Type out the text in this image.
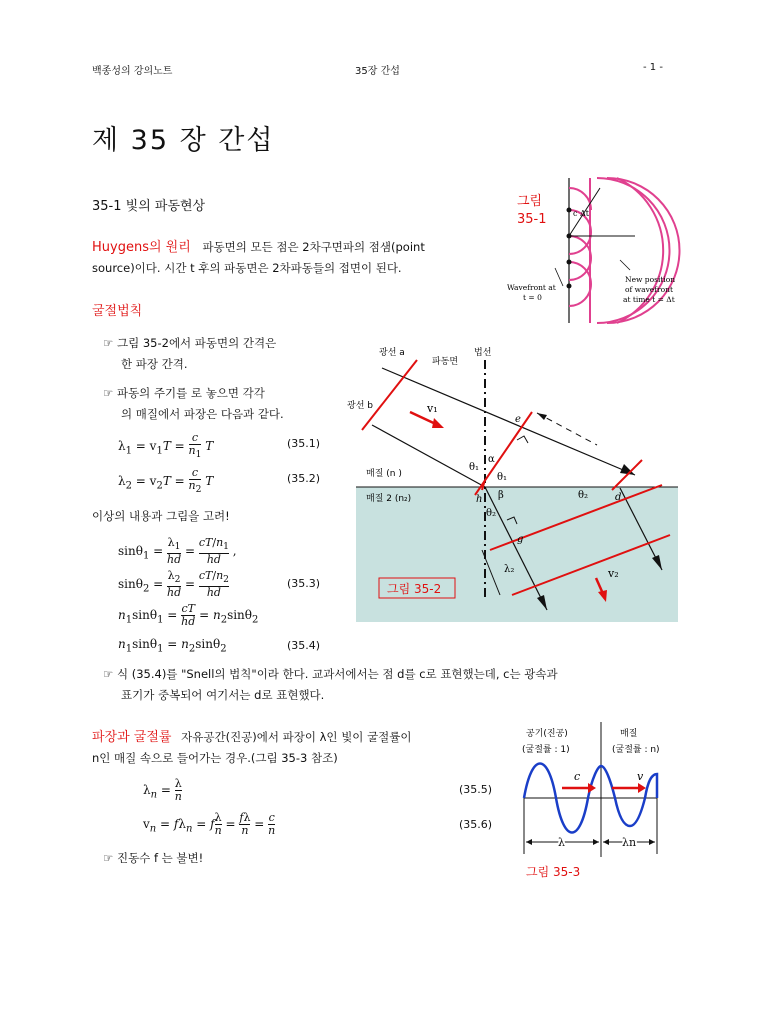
백종성의 강의노트	35장 간섭	- 1 -
제 35 장 간섭
35-1 빛의 파동현상	그림
35-1	c Δt
Wavefront at
t = 0
New position
of wavefront
at time t = Δt
Huygens의 원리 파동면의 모든 점은 2차구면파의 점샘(point
source)이다. 시간 t 후의 파동면은 2차파동들의 접면이 된다.
굴절법칙
☞ 그림 35-2에서 파동면의 간격은
한 파장 간격.
☞ 파동의 주기를 로 놓으면 각각
의 매질에서 파장은 다음과 같다.
$\lambda_1 = v_1T = \frac{c}{n_1}$ T	(35.1)
$\lambda_2 = v_2T = \frac{c}{n_2}$ T	(35.2)
이상의 내용과 그림을 고려!
$\sin\theta_1 = \frac{\lambda_1}{hd} = \frac{cT/n_1}{hd}$ ,
$\sin\theta_2 = \frac{\lambda_2}{hd} = \frac{cT/n_2}{hd}$	(35.3)
$n_1\sin\theta_1 = \frac{cT}{hd} = n_2\sin\theta_2$
$n_1\sin\theta_1 = n_2\sin\theta_2$	(35.4)
광선 a
파동면
법선
광선 b	v₁
e
α
θ₁
θ₁
매질 (n )
매질 2 (n₂)	h β	θ₂	d
θ₂
g
λ₂	v₂
그림 35-2
☞ 식 (35.4)를 "Snell의 법칙"이라 한다. 교과서에서는 점 d를 c로 표현했는데, c는 광속과
표기가 중복되어 여기서는 d로 표현했다.
파장과 굴절률 자유공간(진공)에서 파장이 λ인 빛이 굴절률이
n인 매질 속으로 들어가는 경우.(그림 35-3 참조)
$\lambda_n = \frac{\lambda}{n}$	(35.5)
$v_n = f\lambda_n = f \frac{\lambda}{n} = \frac{f\lambda}{n} = \frac{c}{n}$	(35.6)
☞ 진동수 f 는 불변!
공기(진공)
(굴절률 : 1)
매질
(굴절률 : n)
c	v
λ	λn
그림 35-3
